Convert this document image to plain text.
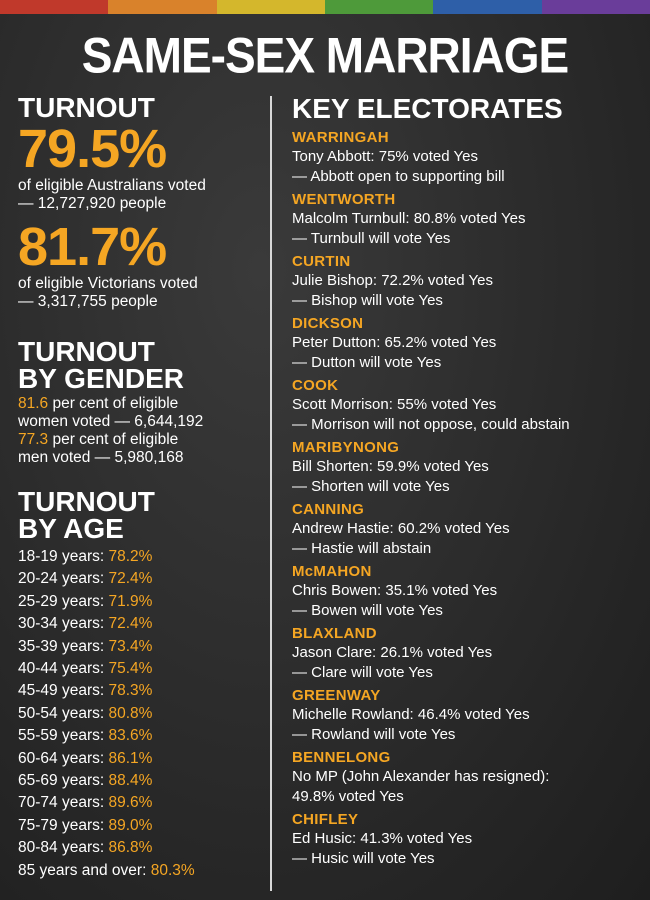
SAME-SEX MARRIAGE
TURNOUT
79.5%
of eligible Australians voted
— 12,727,920 people
81.7%
of eligible Victorians voted
— 3,317,755 people
TURNOUT
BY GENDER
81.6 per cent of eligible
women voted — 6,644,192
77.3 per cent of eligible
men voted — 5,980,168
TURNOUT
BY AGE
18-19 years: 78.2%
20-24 years: 72.4%
25-29 years: 71.9%
30-34 years: 72.4%
35-39 years: 73.4%
40-44 years: 75.4%
45-49 years: 78.3%
50-54 years: 80.8%
55-59 years: 83.6%
60-64 years: 86.1%
65-69 years: 88.4%
70-74 years: 89.6%
75-79 years: 89.0%
80-84 years: 86.8%
85 years and over: 80.3%
KEY ELECTORATES
WARRINGAH
Tony Abbott: 75% voted Yes
— Abbott open to supporting bill
WENTWORTH
Malcolm Turnbull: 80.8% voted Yes
— Turnbull will vote Yes
CURTIN
Julie Bishop: 72.2% voted Yes
— Bishop will vote Yes
DICKSON
Peter Dutton: 65.2% voted Yes
— Dutton will vote Yes
COOK
Scott Morrison: 55% voted Yes
— Morrison will not oppose, could abstain
MARIBYNONG
Bill Shorten: 59.9% voted Yes
— Shorten will vote Yes
CANNING
Andrew Hastie: 60.2% voted Yes
— Hastie will abstain
McMAHON
Chris Bowen: 35.1% voted Yes
— Bowen will vote Yes
BLAXLAND
Jason Clare: 26.1% voted Yes
— Clare will vote Yes
GREENWAY
Michelle Rowland: 46.4% voted Yes
— Rowland will vote Yes
BENNELONG
No MP (John Alexander has resigned):
49.8% voted Yes
CHIFLEY
Ed Husic: 41.3% voted Yes
— Husic will vote Yes
